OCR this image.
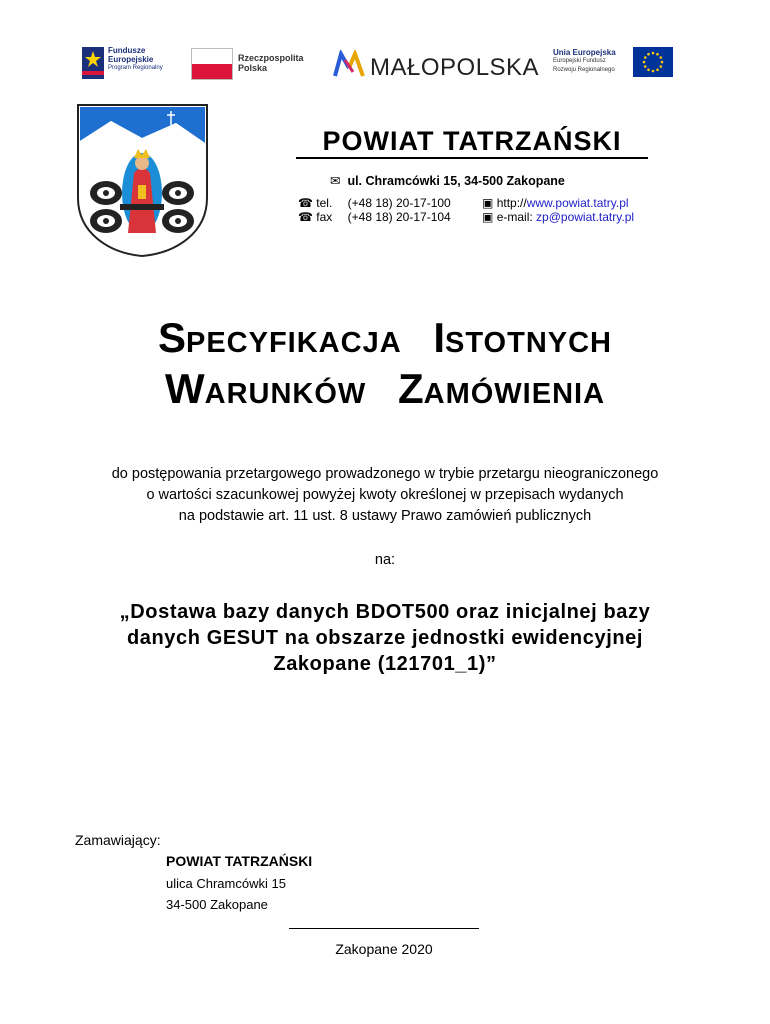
Fundusze
Europejskie
Program Regionalny
Rzeczpospolita
Polska	MAŁOPOLSKA
Unia Europejska
Europejski Fundusz
Rozwoju Regionalnego
POWIAT TATRZAŃSKI
✉ ul. Chramcówki 15, 34-500 Zakopane
☎ tel. (+48 18) 20-17-100
☎ fax (+48 18) 20-17-104
▣ http://www.powiat.tatry.pl
▣ e-mail: zp@powiat.tatry.pl
SPECYFIKACJA ISTOTNYCH
WARUNKÓW ZAMÓWIENIA
do postępowania przetargowego prowadzonego w trybie przetargu nieograniczonego
o wartości szacunkowej powyżej kwoty określonej w przepisach wydanych
na podstawie art. 11 ust. 8 ustawy Prawo zamówień publicznych
na:
„Dostawa bazy danych BDOT500 oraz inicjalnej bazy
danych GESUT na obszarze jednostki ewidencyjnej
Zakopane (121701_1)”
Zamawiający:
POWIAT TATRZAŃSKI
ulica Chramcówki 15
34-500 Zakopane
Zakopane 2020
